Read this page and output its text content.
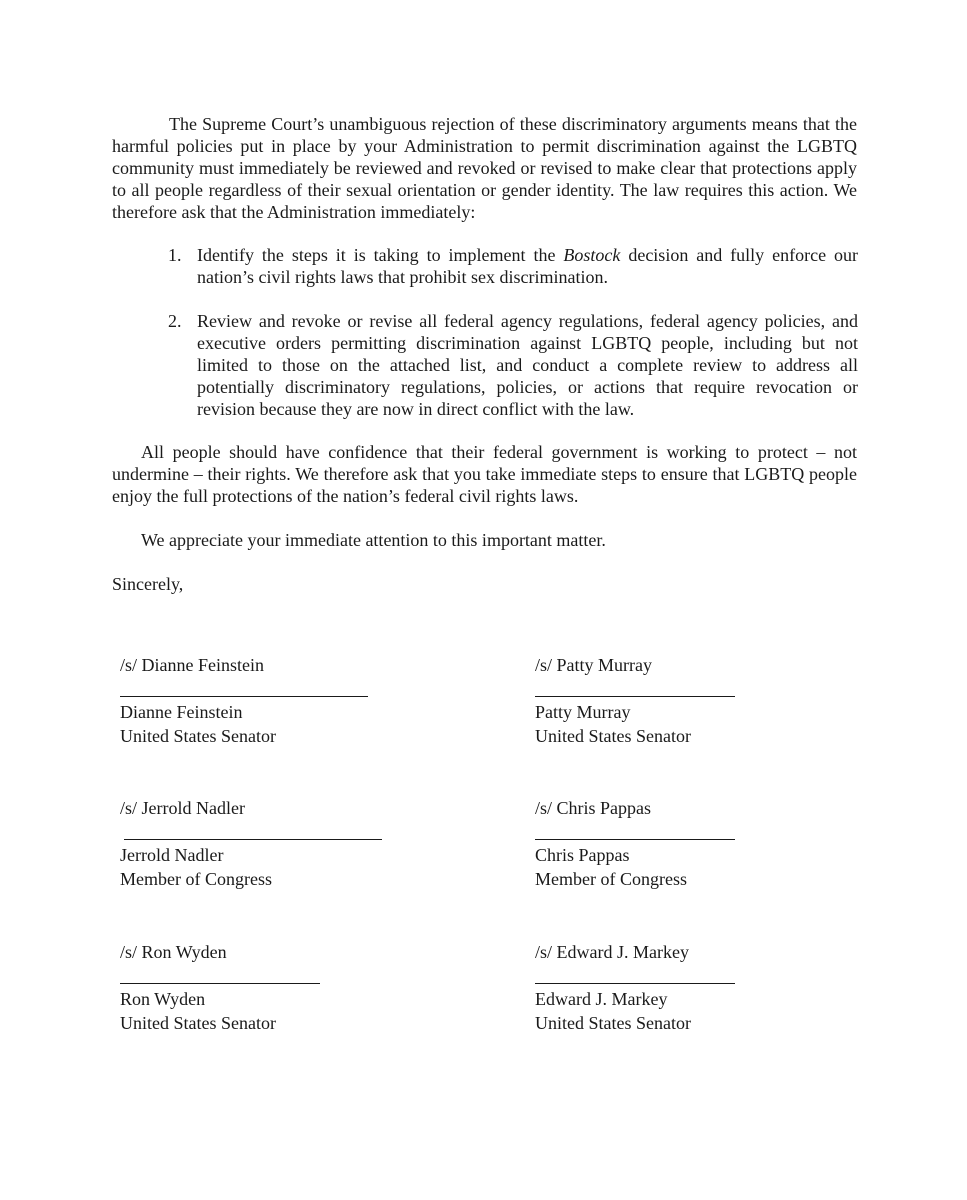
The Supreme Court’s unambiguous rejection of these discriminatory arguments means that the harmful policies put in place by your Administration to permit discrimination against the LGBTQ community must immediately be reviewed and revoked or revised to make clear that protections apply to all people regardless of their sexual orientation or gender identity. The law requires this action. We therefore ask that the Administration immediately:

1. Identify the steps it is taking to implement the Bostock decision and fully enforce our nation’s civil rights laws that prohibit sex discrimination.
2. Review and revoke or revise all federal agency regulations, federal agency policies, and executive orders permitting discrimination against LGBTQ people, including but not limited to those on the attached list, and conduct a complete review to address all potentially discriminatory regulations, policies, or actions that require revocation or revision because they are now in direct conflict with the law.

All people should have confidence that their federal government is working to protect – not undermine – their rights. We therefore ask that you take immediate steps to ensure that LGBTQ people enjoy the full protections of the nation’s federal civil rights laws.

We appreciate your immediate attention to this important matter.

Sincerely,
/s/ Dianne Feinstein
Dianne Feinstein
United States Senator
/s/ Patty Murray
Patty Murray
United States Senator
/s/ Jerrold Nadler
Jerrold Nadler
Member of Congress
/s/ Chris Pappas
Chris Pappas
Member of Congress
/s/ Ron Wyden
Ron Wyden
United States Senator
/s/ Edward J. Markey
Edward J. Markey
United States Senator
